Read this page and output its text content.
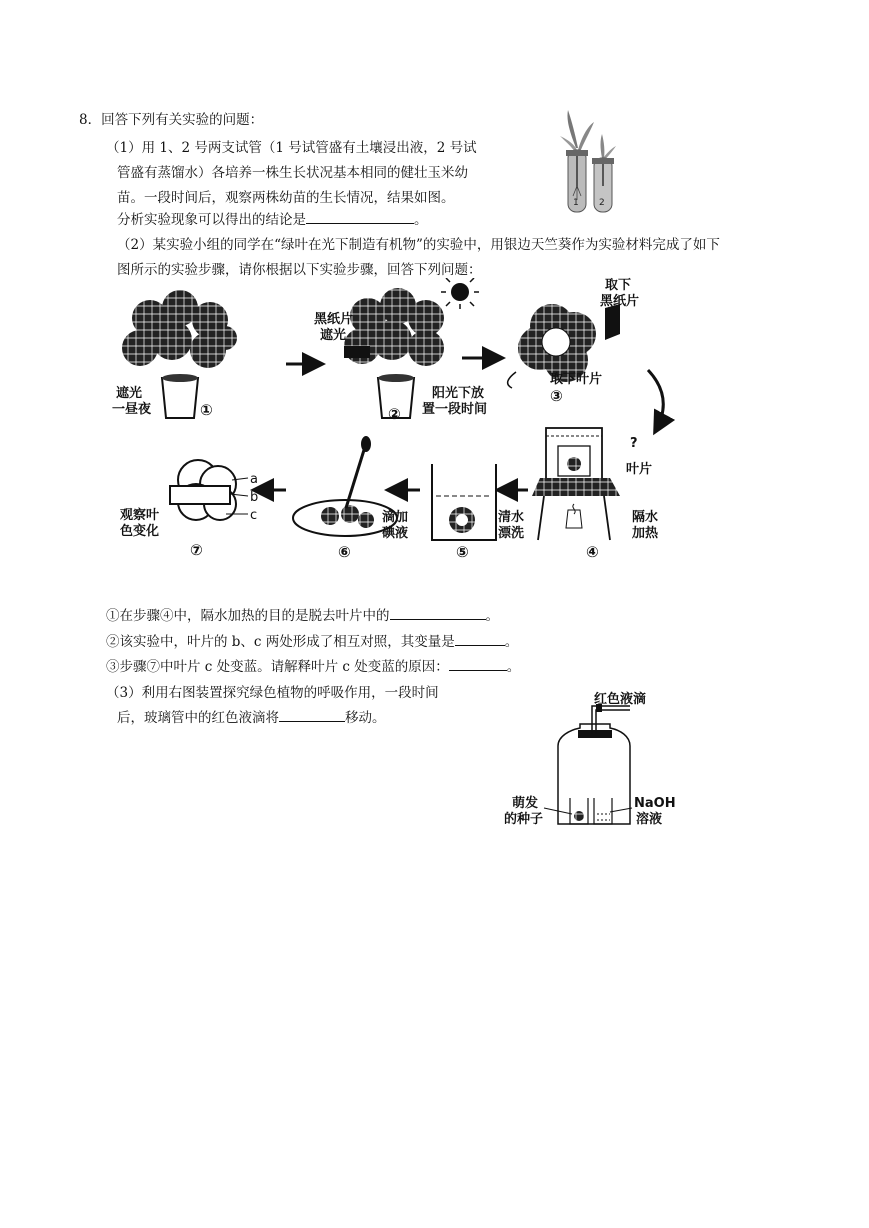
8．回答下列有关实验的问题：
（1）用 1、2 号两支试管（1 号试管盛有土壤浸出液，2 号试
管盛有蒸馏水）各培养一株生长状况基本相同的健壮玉米幼
苗。一段时间后，观察两株幼苗的生长情况，结果如图。
分析实验现象可以得出的结论是	。
（2）某实验小组的同学在“绿叶在光下制造有机物”的实验中，用银边天竺葵作为实验材料完成了如下
图所示的实验步骤，请你根据以下实验步骤，回答下列问题：
①在步骤④中，隔水加热的目的是脱去叶片中的	。
②该实验中，叶片的 b、c 两处形成了相互对照，其变量是	。
③步骤⑦中叶片 c 处变蓝。请解释叶片 c 处变蓝的原因：	。
（3）利用右图装置探究绿色植物的呼吸作用，一段时间
后，玻璃管中的红色液滴将	移动。
1 2
遮光
一昼夜	①
黑纸片
遮光
阳光下放
置一段时间
②
取下
黑纸片
取下叶片
③
?
叶片
隔水
加热
④
清水
漂洗
⑤
滴加
碘液
⑥
观察叶
色变化
a
b
c
⑦
红色液滴
萌发
的种子
NaOH
溶液
